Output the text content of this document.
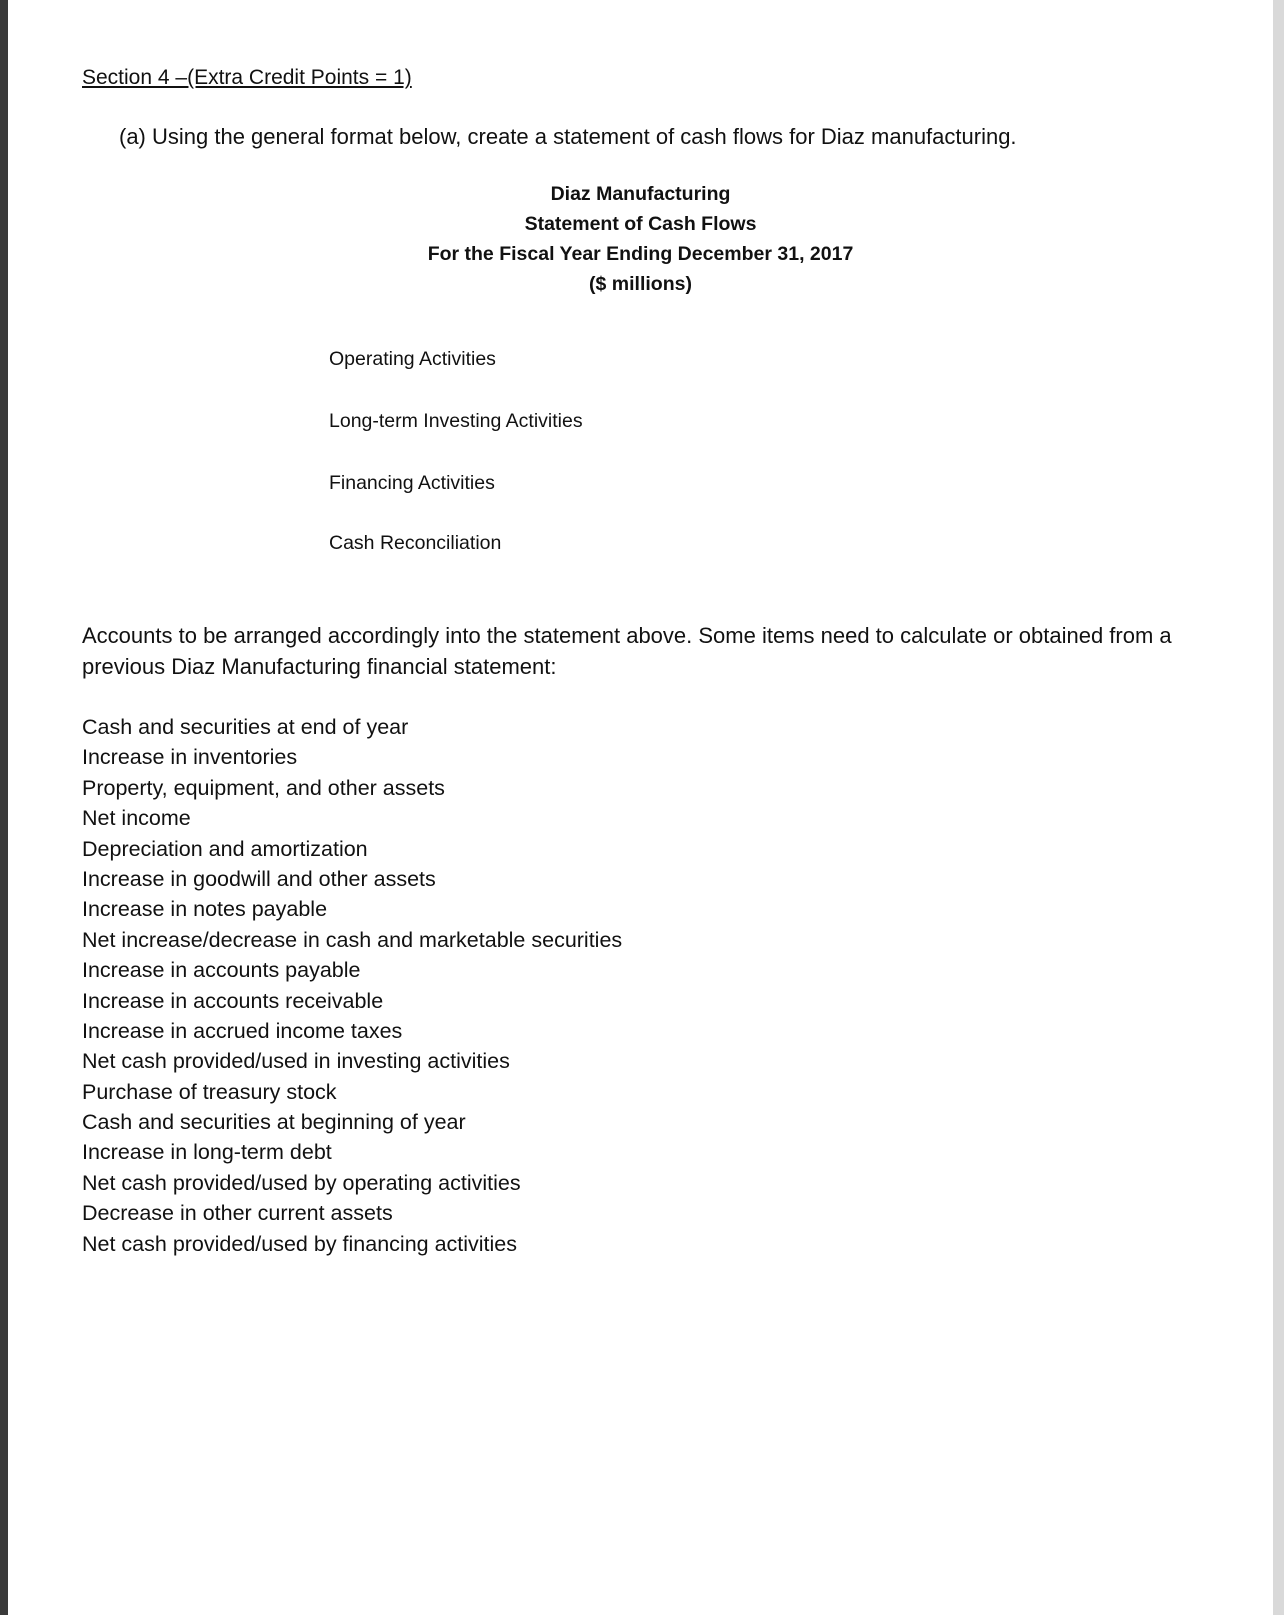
Section 4 –(Extra Credit Points = 1)
(a) Using the general format below, create a statement of cash flows for Diaz manufacturing.
Diaz Manufacturing
Statement of Cash Flows
For the Fiscal Year Ending December 31, 2017
($ millions)
Operating Activities
Long-term Investing Activities
Financing Activities
Cash Reconciliation
Accounts to be arranged accordingly into the statement above. Some items need to calculate or obtained from a previous Diaz Manufacturing financial statement:
Cash and securities at end of year
Increase in inventories
Property, equipment, and other assets
Net income
Depreciation and amortization
Increase in goodwill and other assets
Increase in notes payable
Net increase/decrease in cash and marketable securities
Increase in accounts payable
Increase in accounts receivable
Increase in accrued income taxes
Net cash provided/used in investing activities
Purchase of treasury stock
Cash and securities at beginning of year
Increase in long-term debt
Net cash provided/used by operating activities
Decrease in other current assets
Net cash provided/used by financing activities
